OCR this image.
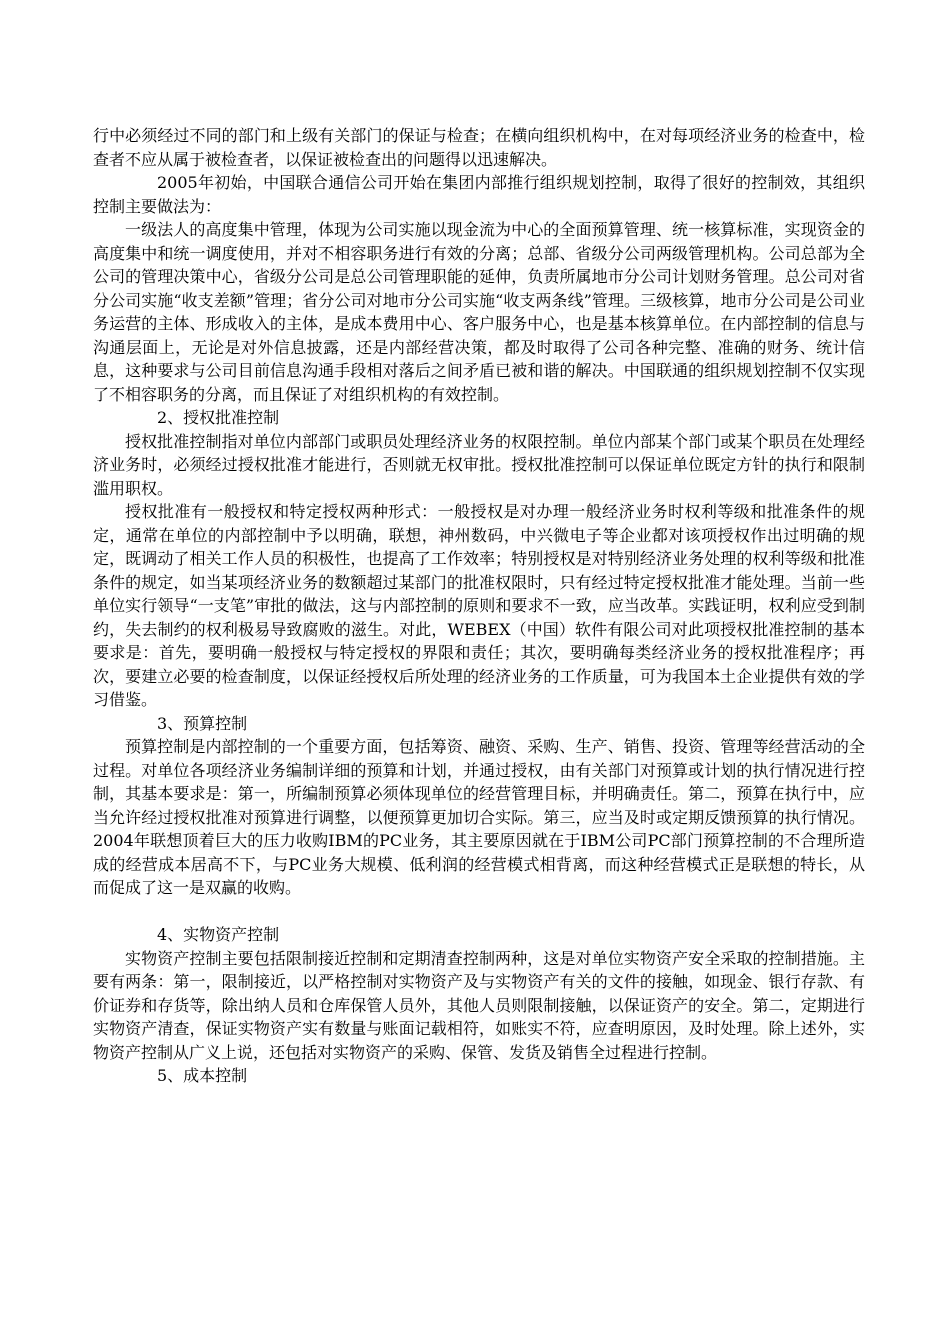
行中必须经过不同的部门和上级有关部门的保证与检查；在横向组织机构中，在对每项经济业务的检查中，检查者不应从属于被检查者，以保证被检查出的问题得以迅速解决。

2005年初始，中国联合通信公司开始在集团内部推行组织规划控制，取得了很好的控制效，其组织控制主要做法为：

一级法人的高度集中管理，体现为公司实施以现金流为中心的全面预算管理、统一核算标准，实现资金的高度集中和统一调度使用，并对不相容职务进行有效的分离；总部、省级分公司两级管理机构。公司总部为全公司的管理决策中心，省级分公司是总公司管理职能的延伸，负责所属地市分公司计划财务管理。总公司对省分公司实施“收支差额”管理；省分公司对地市分公司实施“收支两条线”管理。三级核算，地市分公司是公司业务运营的主体、形成收入的主体，是成本费用中心、客户服务中心，也是基本核算单位。在内部控制的信息与沟通层面上，无论是对外信息披露，还是内部经营决策，都及时取得了公司各种完整、准确的财务、统计信息，这种要求与公司目前信息沟通手段相对落后之间矛盾已被和谐的解决。中国联通的组织规划控制不仅实现了不相容职务的分离，而且保证了对组织机构的有效控制。

2、授权批准控制

授权批准控制指对单位内部部门或职员处理经济业务的权限控制。单位内部某个部门或某个职员在处理经济业务时，必须经过授权批准才能进行，否则就无权审批。授权批准控制可以保证单位既定方针的执行和限制滥用职权。

授权批准有一般授权和特定授权两种形式：一般授权是对办理一般经济业务时权利等级和批准条件的规定，通常在单位的内部控制中予以明确，联想，神州数码，中兴微电子等企业都对该项授权作出过明确的规定，既调动了相关工作人员的积极性，也提高了工作效率；特别授权是对特别经济业务处理的权利等级和批准条件的规定，如当某项经济业务的数额超过某部门的批准权限时，只有经过特定授权批准才能处理。当前一些单位实行领导“一支笔”审批的做法，这与内部控制的原则和要求不一致，应当改革。实践证明，权利应受到制约，失去制约的权利极易导致腐败的滋生。对此，WEBEX（中国）软件有限公司对此项授权批准控制的基本要求是：首先，要明确一般授权与特定授权的界限和责任；其次，要明确每类经济业务的授权批准程序；再次，要建立必要的检查制度，以保证经授权后所处理的经济业务的工作质量，可为我国本土企业提供有效的学习借鉴。

3、预算控制

预算控制是内部控制的一个重要方面，包括筹资、融资、采购、生产、销售、投资、管理等经营活动的全过程。对单位各项经济业务编制详细的预算和计划，并通过授权，由有关部门对预算或计划的执行情况进行控制，其基本要求是：第一，所编制预算必须体现单位的经营管理目标，并明确责任。第二，预算在执行中，应当允许经过授权批准对预算进行调整，以便预算更加切合实际。第三，应当及时或定期反馈预算的执行情况。2004年联想顶着巨大的压力收购IBM的PC业务，其主要原因就在于IBM公司PC部门预算控制的不合理所造成的经营成本居高不下，与PC业务大规模、低利润的经营模式相背离，而这种经营模式正是联想的特长，从而促成了这一是双赢的收购。

4、实物资产控制

实物资产控制主要包括限制接近控制和定期清查控制两种，这是对单位实物资产安全采取的控制措施。主要有两条：第一，限制接近，以严格控制对实物资产及与实物资产有关的文件的接触，如现金、银行存款、有价证券和存货等，除出纳人员和仓库保管人员外，其他人员则限制接触，以保证资产的安全。第二，定期进行实物资产清查，保证实物资产实有数量与账面记载相符，如账实不符，应查明原因，及时处理。除上述外，实物资产控制从广义上说，还包括对实物资产的采购、保管、发货及销售全过程进行控制。

5、成本控制
